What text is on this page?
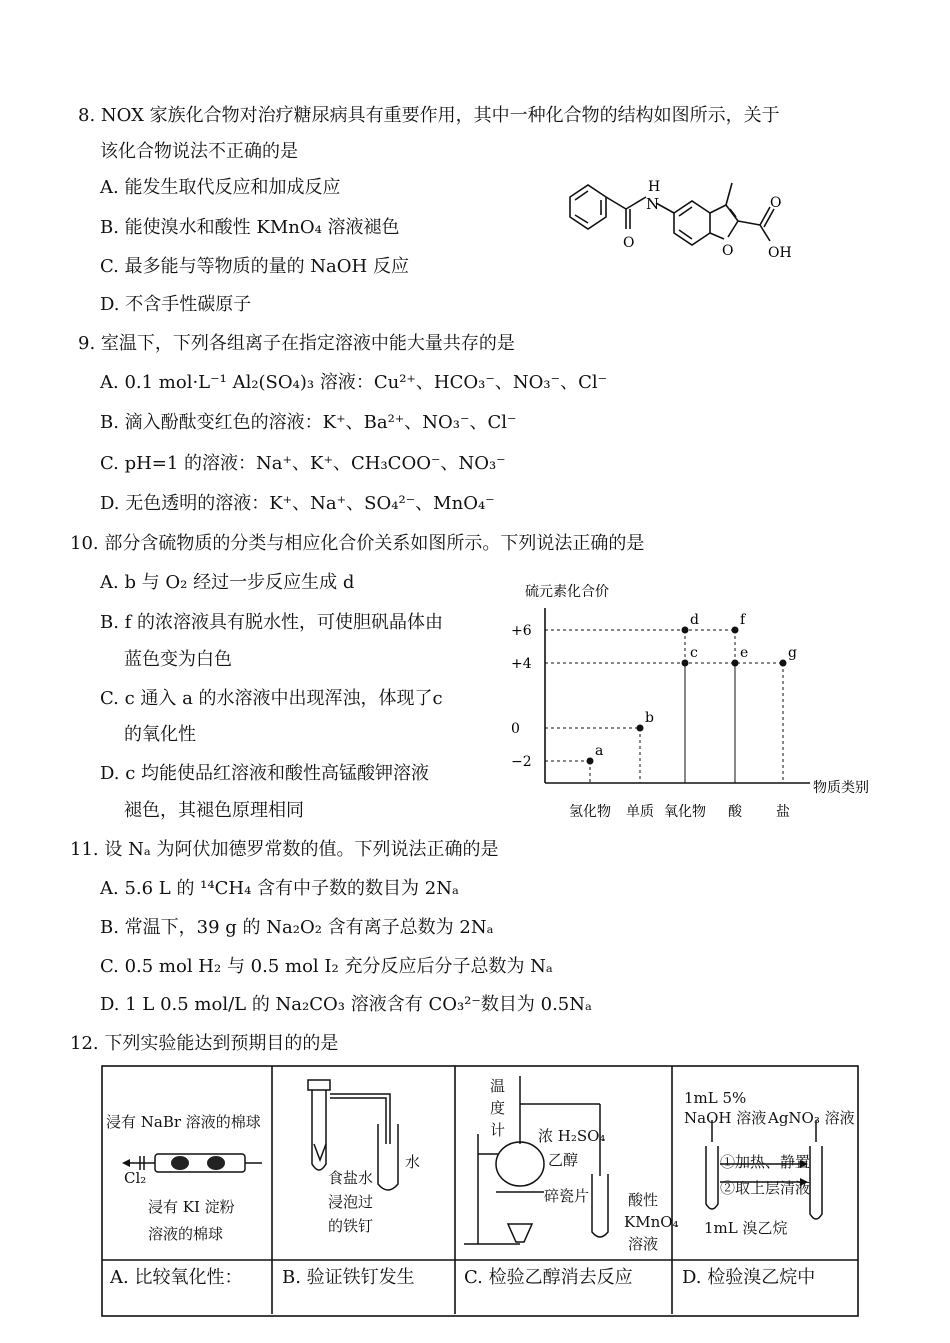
8. NOX 家族化合物对治疗糖尿病具有重要作用，其中一种化合物的结构如图所示，关于
该化合物说法不正确的是
A. 能发生取代反应和加成反应
B. 能使溴水和酸性 KMnO₄ 溶液褪色
C. 最多能与等物质的量的 NaOH 反应
D. 不含手性碳原子
H
N
O	O
O
OH
9. 室温下，下列各组离子在指定溶液中能大量共存的是
A. 0.1 mol·L⁻¹ Al₂(SO₄)₃ 溶液：Cu²⁺、HCO₃⁻、NO₃⁻、Cl⁻
B. 滴入酚酞变红色的溶液：K⁺、Ba²⁺、NO₃⁻、Cl⁻
C. pH=1 的溶液：Na⁺、K⁺、CH₃COO⁻、NO₃⁻
D. 无色透明的溶液：K⁺、Na⁺、SO₄²⁻、MnO₄⁻
10. 部分含硫物质的分类与相应化合价关系如图所示。下列说法正确的是
A. b 与 O₂ 经过一步反应生成 d
B. f 的浓溶液具有脱水性，可使胆矾晶体由
蓝色变为白色
C. c 通入 a 的水溶液中出现浑浊，体现了c
的氧化性
D. c 均能使品红溶液和酸性高锰酸钾溶液
褪色，其褪色原理相同
硫元素化合价
物质类别
+6
+4
0
−2
氢化物 单质 氧化物 酸 盐
a
b
d
c
f
e	g
11. 设 Nₐ 为阿伏加德罗常数的值。下列说法正确的是
A. 5.6 L 的 ¹⁴CH₄ 含有中子数的数目为 2Nₐ
B. 常温下，39 g 的 Na₂O₂ 含有离子总数为 2Nₐ
C. 0.5 mol H₂ 与 0.5 mol I₂ 充分反应后分子总数为 Nₐ
D. 1 L 0.5 mol/L 的 Na₂CO₃ 溶液含有 CO₃²⁻数目为 0.5Nₐ
12. 下列实验能达到预期目的的是
浸有 NaBr 溶液的棉球
Cl₂
浸有 KI 淀粉
溶液的棉球
水
食盐水
浸泡过
的铁钉
温
度
计 浓 H₂SO₄
乙醇
碎瓷片	酸性
KMnO₄
溶液
1mL 5%
NaOH 溶液 AgNO₃ 溶液
①加热、静置
②取上层清液
1mL 溴乙烷
A. 比较氧化性： B. 验证铁钉发生	C. 检验乙醇消去反应	D. 检验溴乙烷中
